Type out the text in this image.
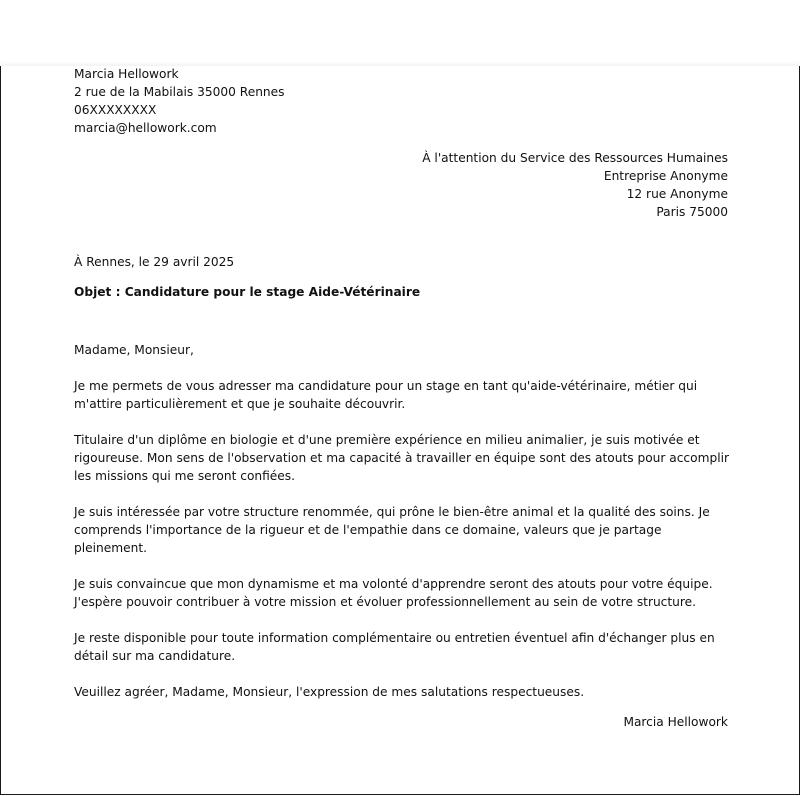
Marcia Hellowork
2 rue de la Mabilais 35000 Rennes
06XXXXXXXX
marcia@hellowork.com
À l'attention du Service des Ressources Humaines
Entreprise Anonyme
12 rue Anonyme
Paris 75000
À Rennes, le 29 avril 2025
Objet : Candidature pour le stage Aide-Vétérinaire

Madame, Monsieur,

Je me permets de vous adresser ma candidature pour un stage en tant qu'aide-vétérinaire, métier qui m'attire particulièrement et que je souhaite découvrir.

Titulaire d'un diplôme en biologie et d'une première expérience en milieu animalier, je suis motivée et rigoureuse. Mon sens de l'observation et ma capacité à travailler en équipe sont des atouts pour accomplir les missions qui me seront confiées.

Je suis intéressée par votre structure renommée, qui prône le bien-être animal et la qualité des soins. Je comprends l'importance de la rigueur et de l'empathie dans ce domaine, valeurs que je partage pleinement.

Je suis convaincue que mon dynamisme et ma volonté d'apprendre seront des atouts pour votre équipe. J'espère pouvoir contribuer à votre mission et évoluer professionnellement au sein de votre structure.

Je reste disponible pour toute information complémentaire ou entretien éventuel afin d'échanger plus en détail sur ma candidature.

Veuillez agréer, Madame, Monsieur, l'expression de mes salutations respectueuses.

Marcia Hellowork
